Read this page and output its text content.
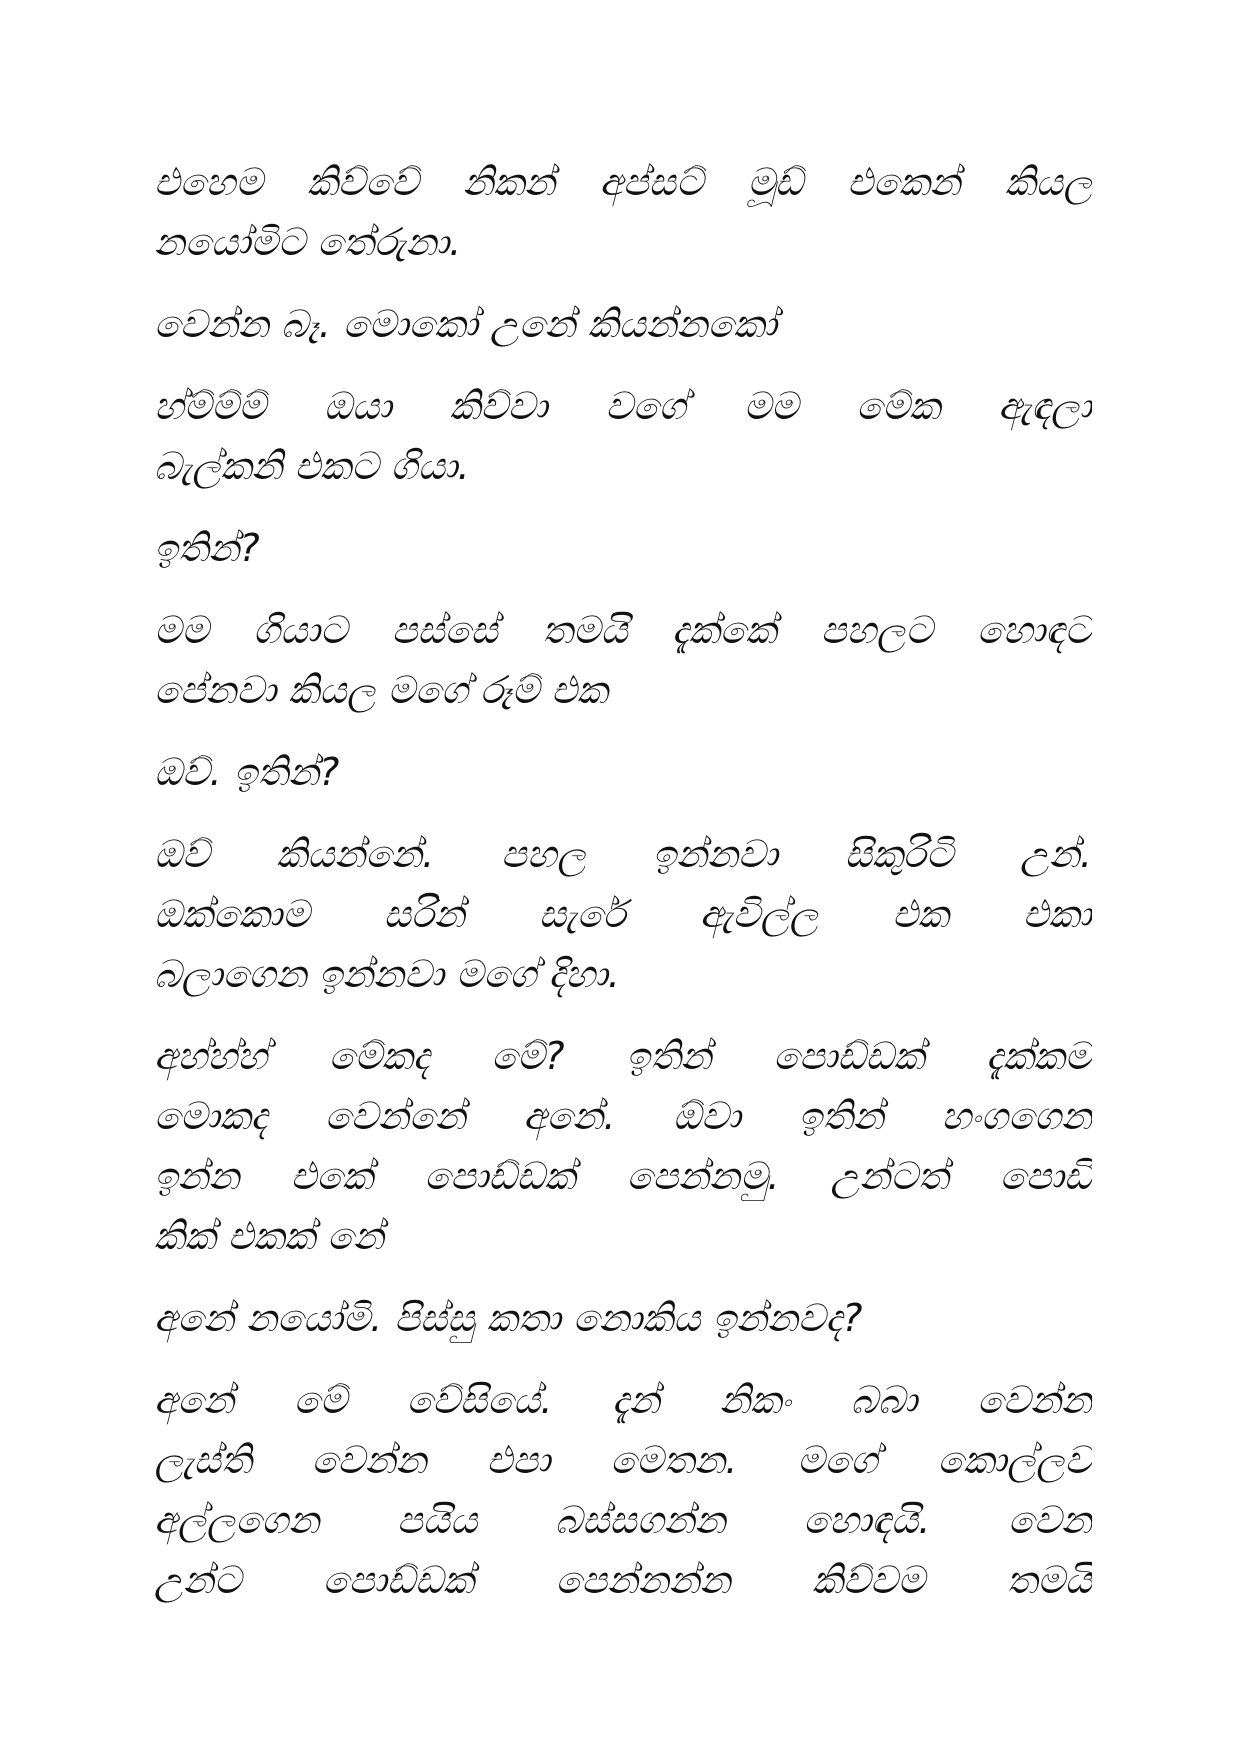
එහෙම කිව්වේ නිකන් අප්සට් මූඩ් එකෙන් කියල
නයෝමිට තේරුනා.
වෙන්න බෑ. මොකෝ උනේ කියන්නකෝ
හ්ම්ම්ම් ඔයා කිව්වා වගේ මම මේක ඇඳලා
බැල්කනි එකට ගියා.
ඉතින්?
මම ගියාට පස්සේ තමයි දැක්කේ පහලට හොඳට
පේනවා කියල මගේ රූම් එක
ඔව්. ඉතින්?
ඔව් කියන්නේ. පහල ඉන්නවා සිකුරිටි උන්.
ඔක්කොම සරින් සැරේ ඇවිල්ල එක එකා
බලාගෙන ඉන්නවා මගේ දිහා.
අහ්හ්හ් මේකද මේ? ඉතින් පොඩ්ඩක් දැක්කම
මොකද වෙන්නේ අනේ. ඕවා ඉතින් හංගගෙන
ඉන්න එකේ පොඩ්ඩක් පෙන්නමු. උන්ටත් පොඩි
කික් එකක් නේ
අනේ නයෝමි. පිස්සු කතා නොකිය ඉන්නවද?
අනේ මේ වේසියේ. දැන් නිකං බබා වෙන්න
ලැස්ති වෙන්න එපා මෙතන. මගේ කොල්ලව
අල්ලගෙන පයිය බස්සගන්න හොඳයි. වෙන
උන්ට පොඩ්ඩක් පෙන්නන්න කිව්වම තමයි
